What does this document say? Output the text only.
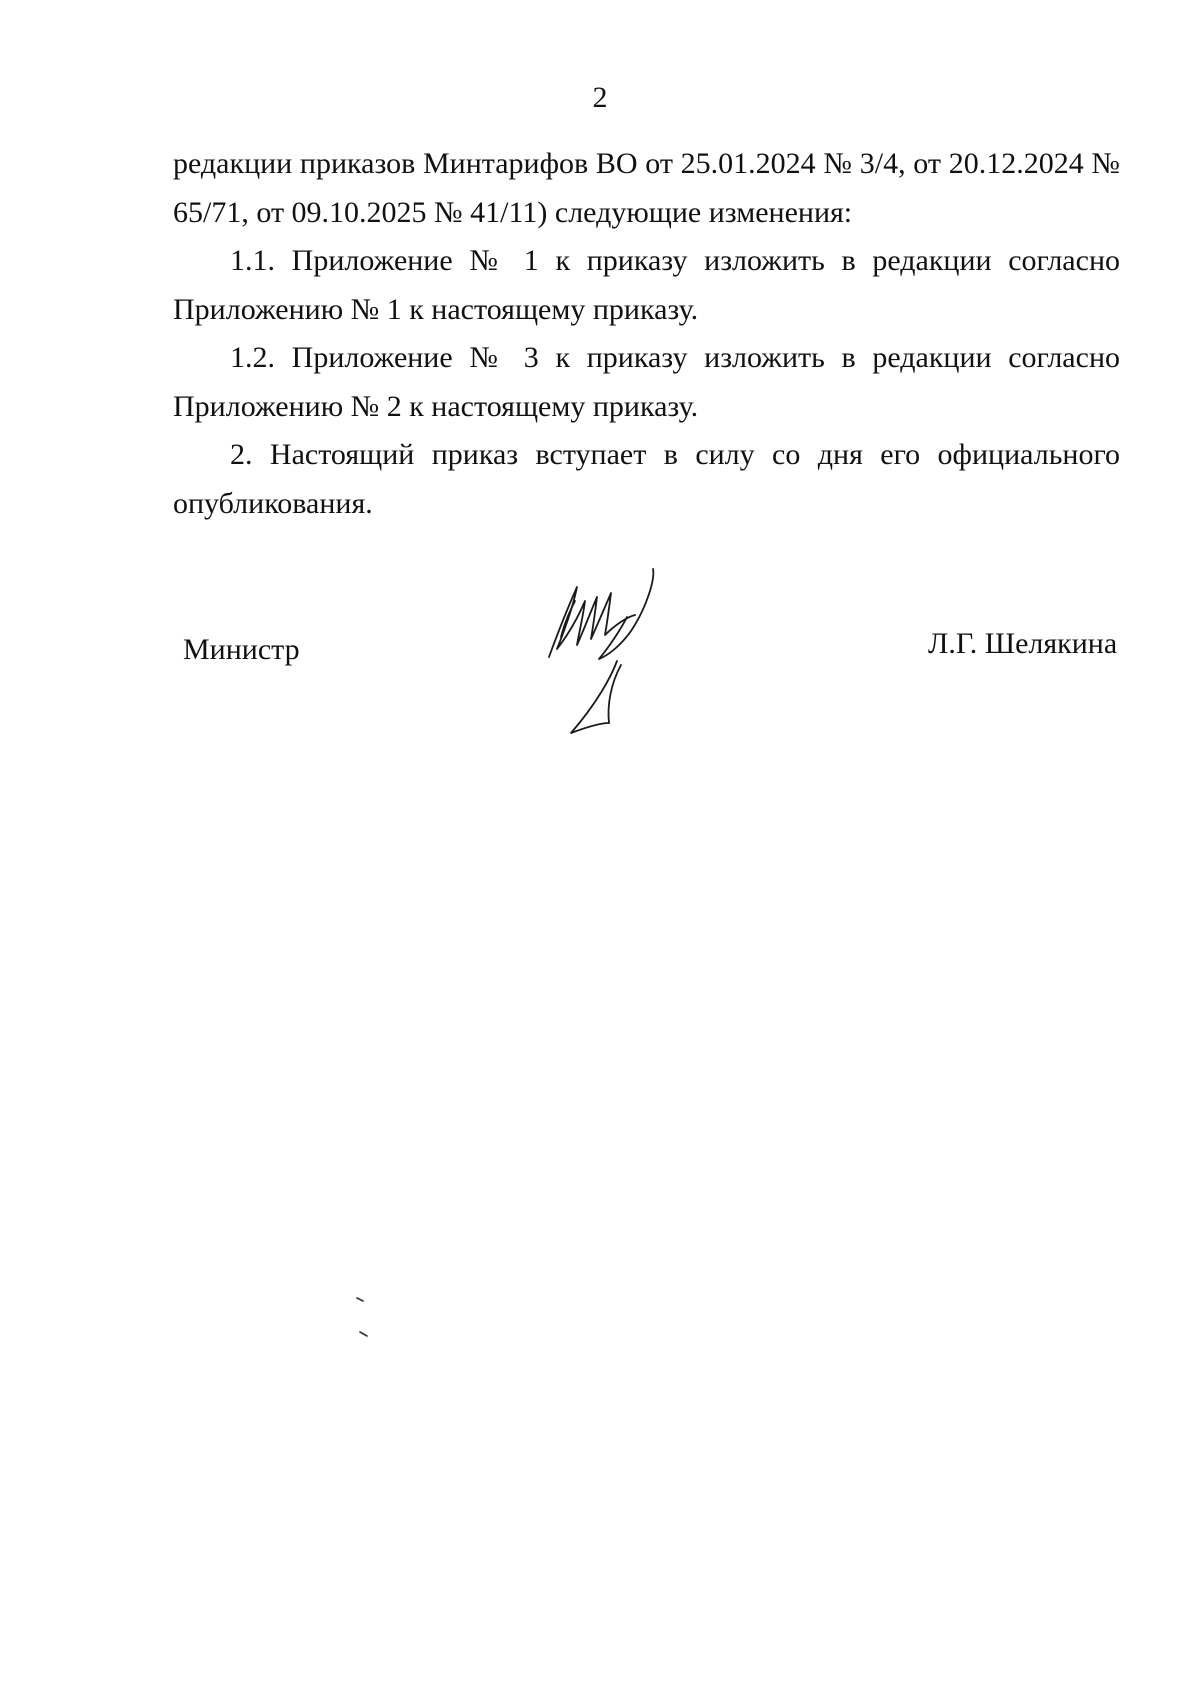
2

редакции приказов Минтарифов ВО от 25.01.2024 № 3/4, от 20.12.2024 № 65/71, от 09.10.2025 № 41/11) следующие изменения:

1.1. Приложение № 1 к приказу изложить в редакции согласно Приложению № 1 к настоящему приказу.

1.2. Приложение № 3 к приказу изложить в редакции согласно Приложению № 2 к настоящему приказу.

2. Настоящий приказ вступает в силу со дня его официального опубликования.

Министр	Л.Г. Шелякина
